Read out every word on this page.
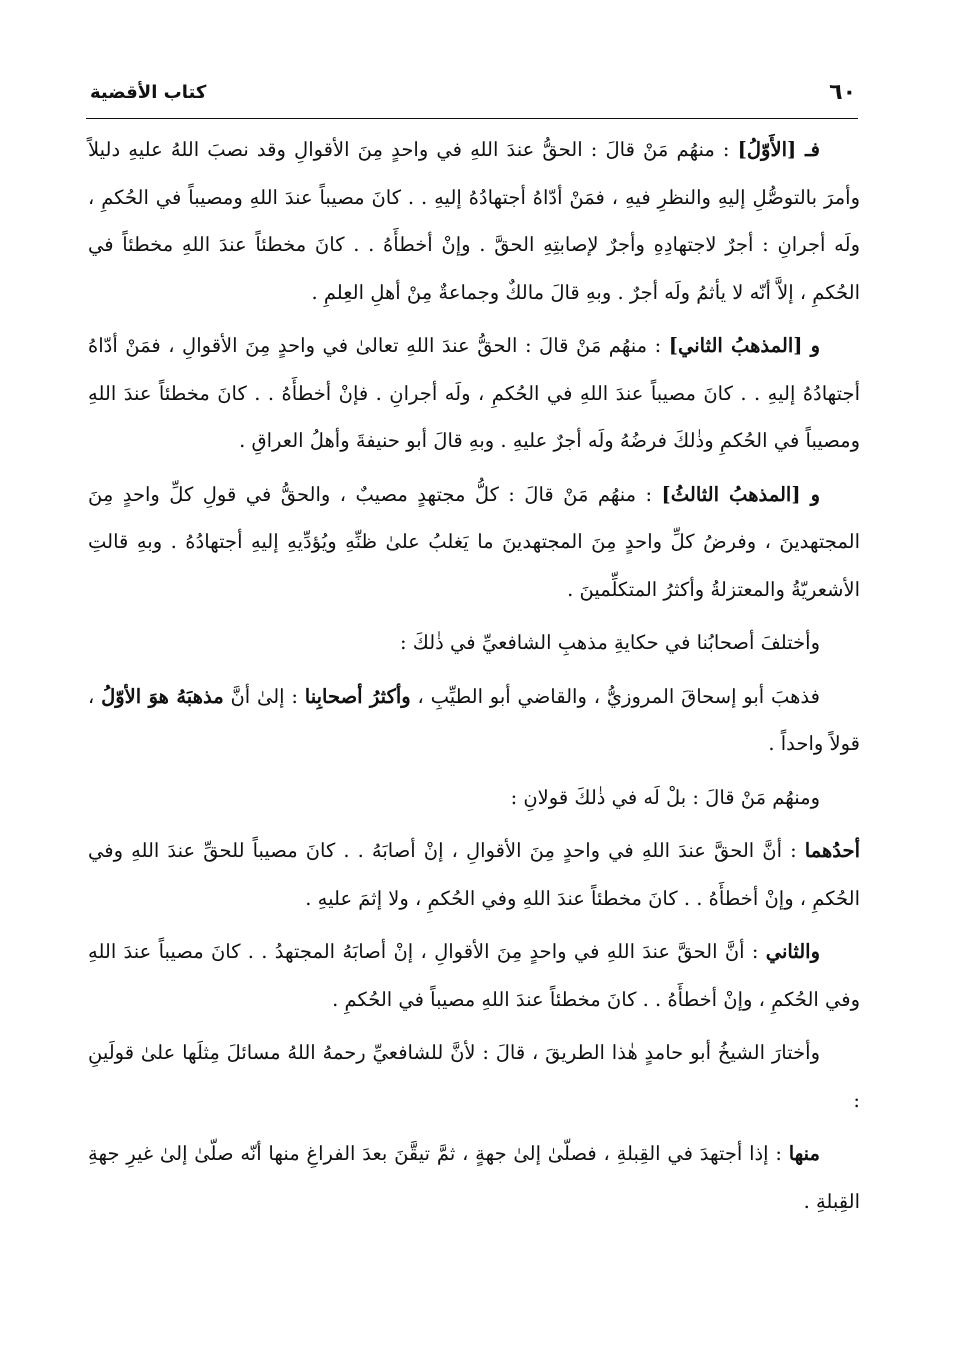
٦٠
كتاب الأقضية

فـ [الأَوّلُ] : منهُم مَنْ قالَ : الحقُّ عندَ اللهِ في واحدٍ مِنَ الأقوالِ وقد نصبَ اللهُ عليهِ دليلاً وأمرَ بالتوصُّلِ إليهِ والنظرِ فيهِ ، فمَنْ أدّاهُ أجتهادُهُ إليهِ . . كانَ مصيباً عندَ اللهِ ومصيباً في الحُكمِ ، ولَه أجرانِ : أجرٌ لاجتهادِهِ وأجرٌ لإصابتِهِ الحقَّ . وإنْ أخطأَهُ . . كانَ مخطئاً عندَ اللهِ مخطئاً في الحُكمِ ، إلاَّ أنّه لا يأثمُ ولَه أجرٌ . وبهِ قالَ مالكٌ وجماعةٌ مِنْ أهلِ العِلمِ .

و [المذهبُ الثاني] : منهُم مَنْ قالَ : الحقُّ عندَ اللهِ تعالىٰ في واحدٍ مِنَ الأقوالِ ، فمَنْ أدّاهُ أجتهادُهُ إليهِ . . كانَ مصيباً عندَ اللهِ في الحُكمِ ، ولَه أجرانِ . فإنْ أخطأَهُ . . كانَ مخطئاً عندَ اللهِ ومصيباً في الحُكمِ وذٰلكَ فرضُهُ ولَه أجرٌ عليهِ . وبهِ قالَ أبو حنيفةَ وأهلُ العراقِ .

و [المذهبُ الثالثُ] : منهُم مَنْ قالَ : كلُّ مجتهدٍ مصيبٌ ، والحقُّ في قولِ كلِّ واحدٍ مِنَ المجتهدينَ ، وفرضُ كلِّ واحدٍ مِنَ المجتهدينَ ما يَغلبُ علىٰ ظنِّهِ ويُؤدِّيهِ إليهِ أجتهادُهُ . وبهِ قالتِ الأشعريّةُ والمعتزلةُ وأكثرُ المتكلِّمينَ .

وأختلفَ أصحابُنا في حكايةِ مذهبِ الشافعيِّ في ذٰلكَ :

فذهبَ أبو إسحاقَ المروزيُّ ، والقاضي أبو الطيِّبِ ، وأكثرُ أصحابِنا : إلىٰ أنَّ مذهبَهُ هوَ الأوّلُ ، قولاً واحداً .

ومنهُم مَنْ قالَ : بلْ لَه في ذٰلكَ قولانِ :

أحدُهما : أنَّ الحقَّ عندَ اللهِ في واحدٍ مِنَ الأقوالِ ، إنْ أصابَهُ . . كانَ مصيباً للحقِّ عندَ اللهِ وفي الحُكمِ ، وإنْ أخطأَهُ . . كانَ مخطئاً عندَ اللهِ وفي الحُكمِ ، ولا إثمَ عليهِ .

والثاني : أنَّ الحقَّ عندَ اللهِ في واحدٍ مِنَ الأقوالِ ، إنْ أصابَهُ المجتهدُ . . كانَ مصيباً عندَ اللهِ وفي الحُكمِ ، وإنْ أخطأَهُ . . كانَ مخطئاً عندَ اللهِ مصيباً في الحُكمِ .

وأختارَ الشيخُ أبو حامدٍ هٰذا الطريقَ ، قالَ : لأنَّ للشافعيِّ رحمهُ اللهُ مسائلَ مِثلَها علىٰ قولَينِ :

منها : إذا أجتهدَ في القِبلةِ ، فصلّىٰ إلىٰ جهةٍ ، ثمَّ تيقَّنَ بعدَ الفراغِ منها أنّه صلّىٰ إلىٰ غيرِ جهةِ القِبلةِ .
